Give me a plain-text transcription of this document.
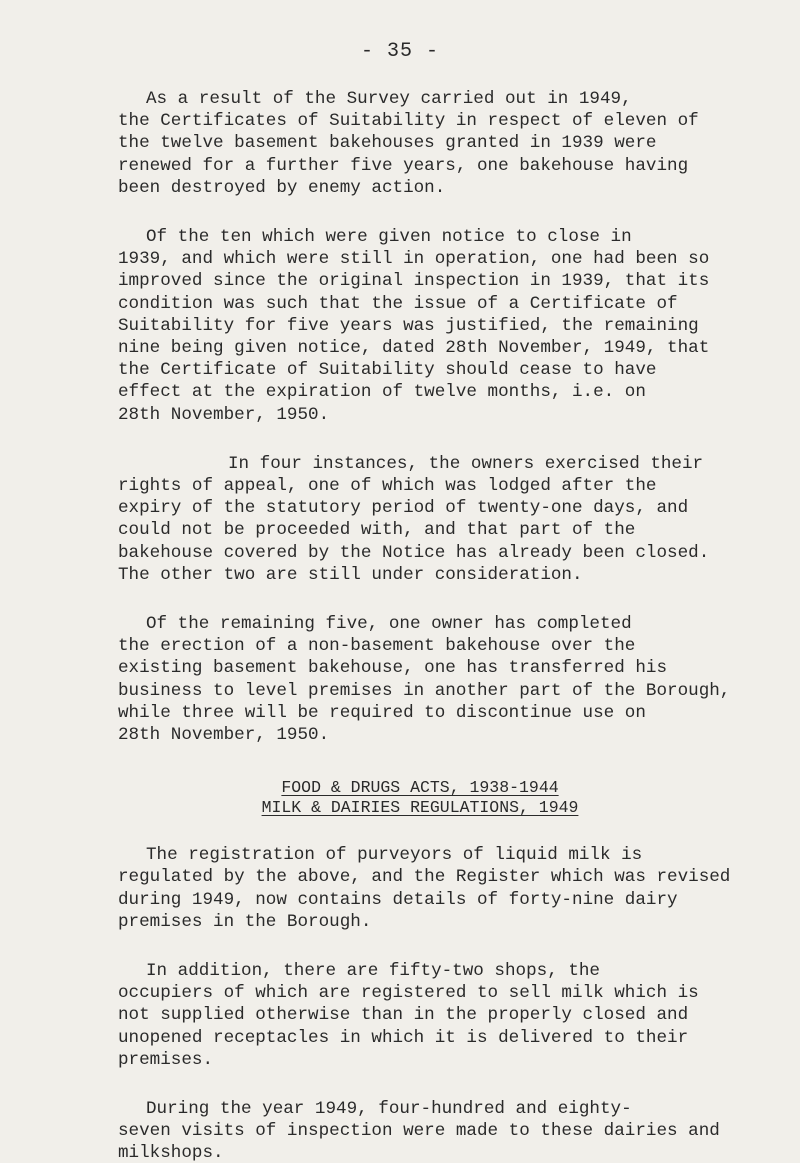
- 35 -
As a result of the Survey carried out in 1949,
the Certificates of Suitability in respect of eleven of
the twelve basement bakehouses granted in 1939 were
renewed for a further five years, one bakehouse having
been destroyed by enemy action.
Of the ten which were given notice to close in
1939, and which were still in operation, one had been so
improved since the original inspection in 1939, that its
condition was such that the issue of a Certificate of
Suitability for five years was justified, the remaining
nine being given notice, dated 28th November, 1949, that
the Certificate of Suitability should cease to have
effect at the expiration of twelve months, i.e. on
28th November, 1950.
In four instances, the owners exercised their
rights of appeal, one of which was lodged after the
expiry of the statutory period of twenty-one days, and
could not be proceeded with, and that part of the
bakehouse covered by the Notice has already been closed.
The other two are still under consideration.
Of the remaining five, one owner has completed
the erection of a non-basement bakehouse over the
existing basement bakehouse, one has transferred his
business to level premises in another part of the Borough,
while three will be required to discontinue use on
28th November, 1950.
FOOD & DRUGS ACTS, 1938-1944
MILK & DAIRIES REGULATIONS, 1949
The registration of purveyors of liquid milk is
regulated by the above, and the Register which was revised
during 1949, now contains details of forty-nine dairy
premises in the Borough.
In addition, there are fifty-two shops, the
occupiers of which are registered to sell milk which is
not supplied otherwise than in the properly closed and
unopened receptacles in which it is delivered to their
premises.
During the year 1949, four-hundred and eighty-
seven visits of inspection were made to these dairies and
milkshops.
